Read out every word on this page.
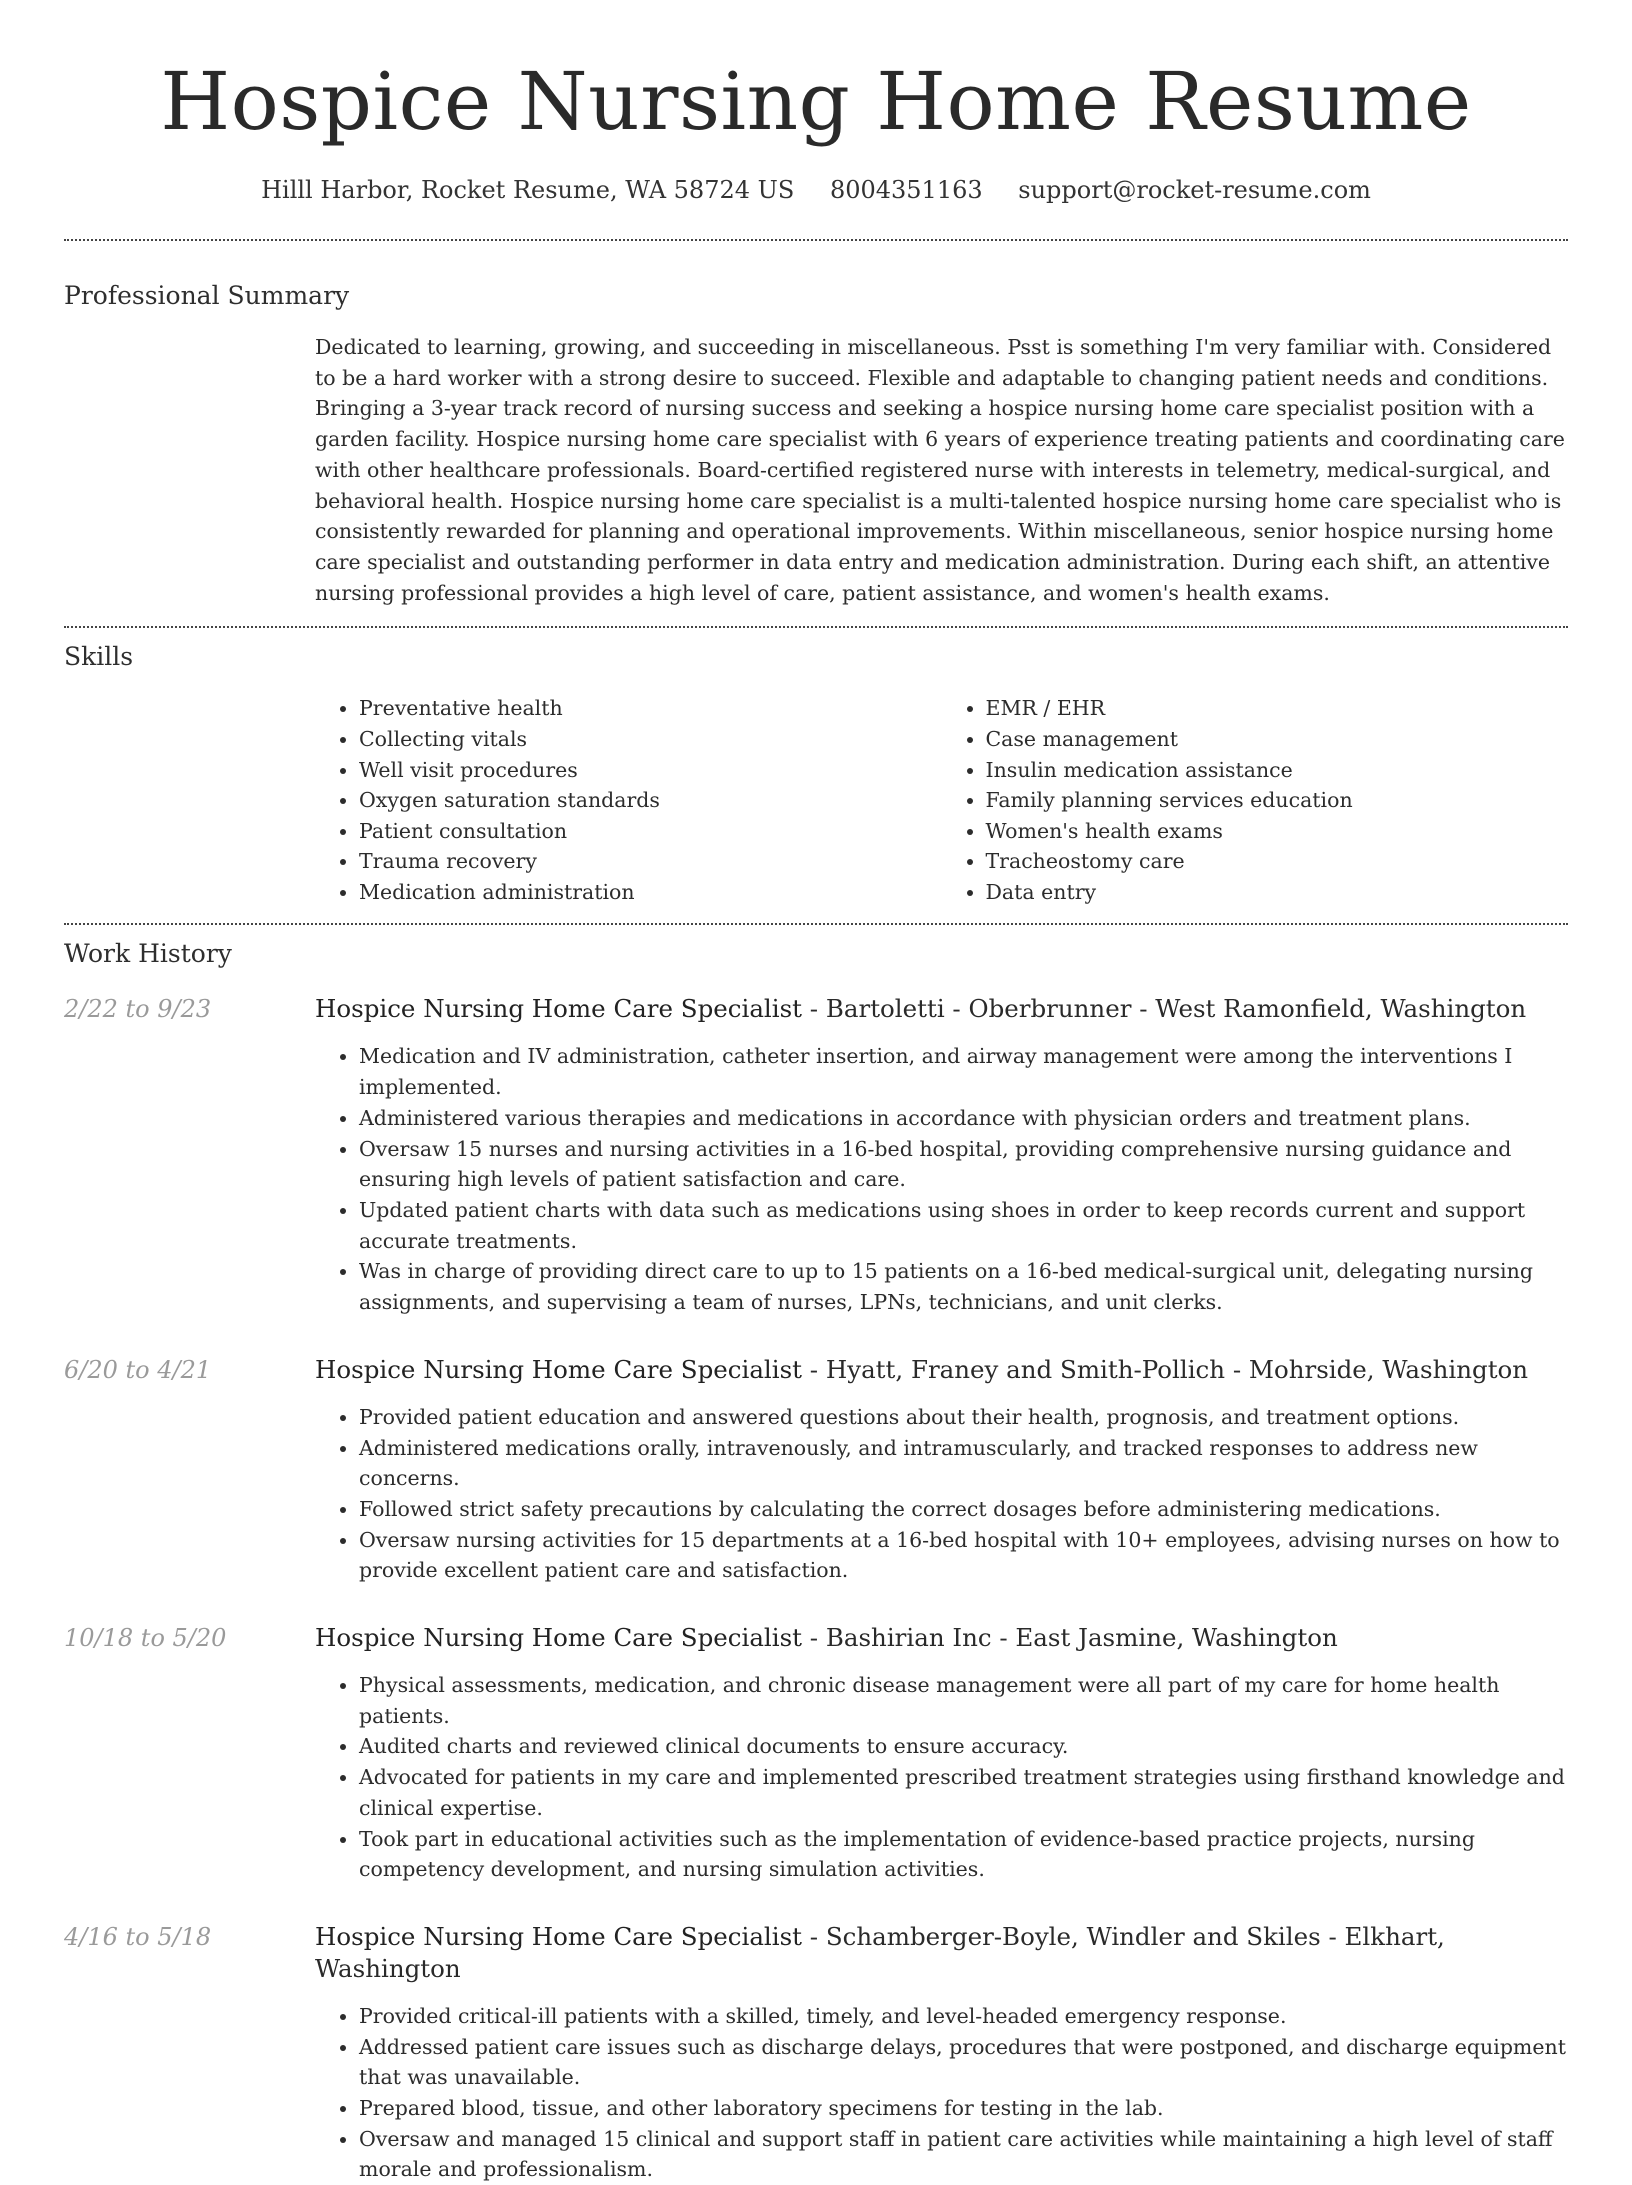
Hospice Nursing Home Resume
Hilll Harbor, Rocket Resume, WA 58724 US 8004351163 support@rocket-resume.com
Professional Summary

Dedicated to learning, growing, and succeeding in miscellaneous. Psst is something I'm very familiar with. Considered to be a hard worker with a strong desire to succeed. Flexible and adaptable to changing patient needs and conditions. Bringing a 3-year track record of nursing success and seeking a hospice nursing home care specialist position with a garden facility. Hospice nursing home care specialist with 6 years of experience treating patients and coordinating care with other healthcare professionals. Board-certified registered nurse with interests in telemetry, medical-surgical, and behavioral health. Hospice nursing home care specialist is a multi-talented hospice nursing home care specialist who is consistently rewarded for planning and operational improvements. Within miscellaneous, senior hospice nursing home care specialist and outstanding performer in data entry and medication administration. During each shift, an attentive nursing professional provides a high level of care, patient assistance, and women's health exams.

Skills
• Preventative health
• Collecting vitals
• Well visit procedures
• Oxygen saturation standards
• Patient consultation
• Trauma recovery
• Medication administration
• EMR / EHR
• Case management
• Insulin medication assistance
• Family planning services education
• Women's health exams
• Tracheostomy care
• Data entry
Work History
2/22 to 9/23	Hospice Nursing Home Care Specialist - Bartoletti - Oberbrunner - West Ramonfield, Washington
• Medication and IV administration, catheter insertion, and airway management were among the interventions I implemented.
• Administered various therapies and medications in accordance with physician orders and treatment plans.
• Oversaw 15 nurses and nursing activities in a 16-bed hospital, providing comprehensive nursing guidance and ensuring high levels of patient satisfaction and care.
• Updated patient charts with data such as medications using shoes in order to keep records current and support accurate treatments.
• Was in charge of providing direct care to up to 15 patients on a 16-bed medical-surgical unit, delegating nursing assignments, and supervising a team of nurses, LPNs, technicians, and unit clerks.
6/20 to 4/21	Hospice Nursing Home Care Specialist - Hyatt, Franey and Smith-Pollich - Mohrside, Washington
• Provided patient education and answered questions about their health, prognosis, and treatment options.
• Administered medications orally, intravenously, and intramuscularly, and tracked responses to address new concerns.
• Followed strict safety precautions by calculating the correct dosages before administering medications.
• Oversaw nursing activities for 15 departments at a 16-bed hospital with 10+ employees, advising nurses on how to provide excellent patient care and satisfaction.
10/18 to 5/20	Hospice Nursing Home Care Specialist - Bashirian Inc - East Jasmine, Washington
• Physical assessments, medication, and chronic disease management were all part of my care for home health patients.
• Audited charts and reviewed clinical documents to ensure accuracy.
• Advocated for patients in my care and implemented prescribed treatment strategies using firsthand knowledge and clinical expertise.
• Took part in educational activities such as the implementation of evidence-based practice projects, nursing competency development, and nursing simulation activities.
4/16 to 5/18	Hospice Nursing Home Care Specialist - Schamberger-Boyle, Windler and Skiles - Elkhart, Washington
• Provided critical-ill patients with a skilled, timely, and level-headed emergency response.
• Addressed patient care issues such as discharge delays, procedures that were postponed, and discharge equipment that was unavailable.
• Prepared blood, tissue, and other laboratory specimens for testing in the lab.
• Oversaw and managed 15 clinical and support staff in patient care activities while maintaining a high level of staff morale and professionalism.
